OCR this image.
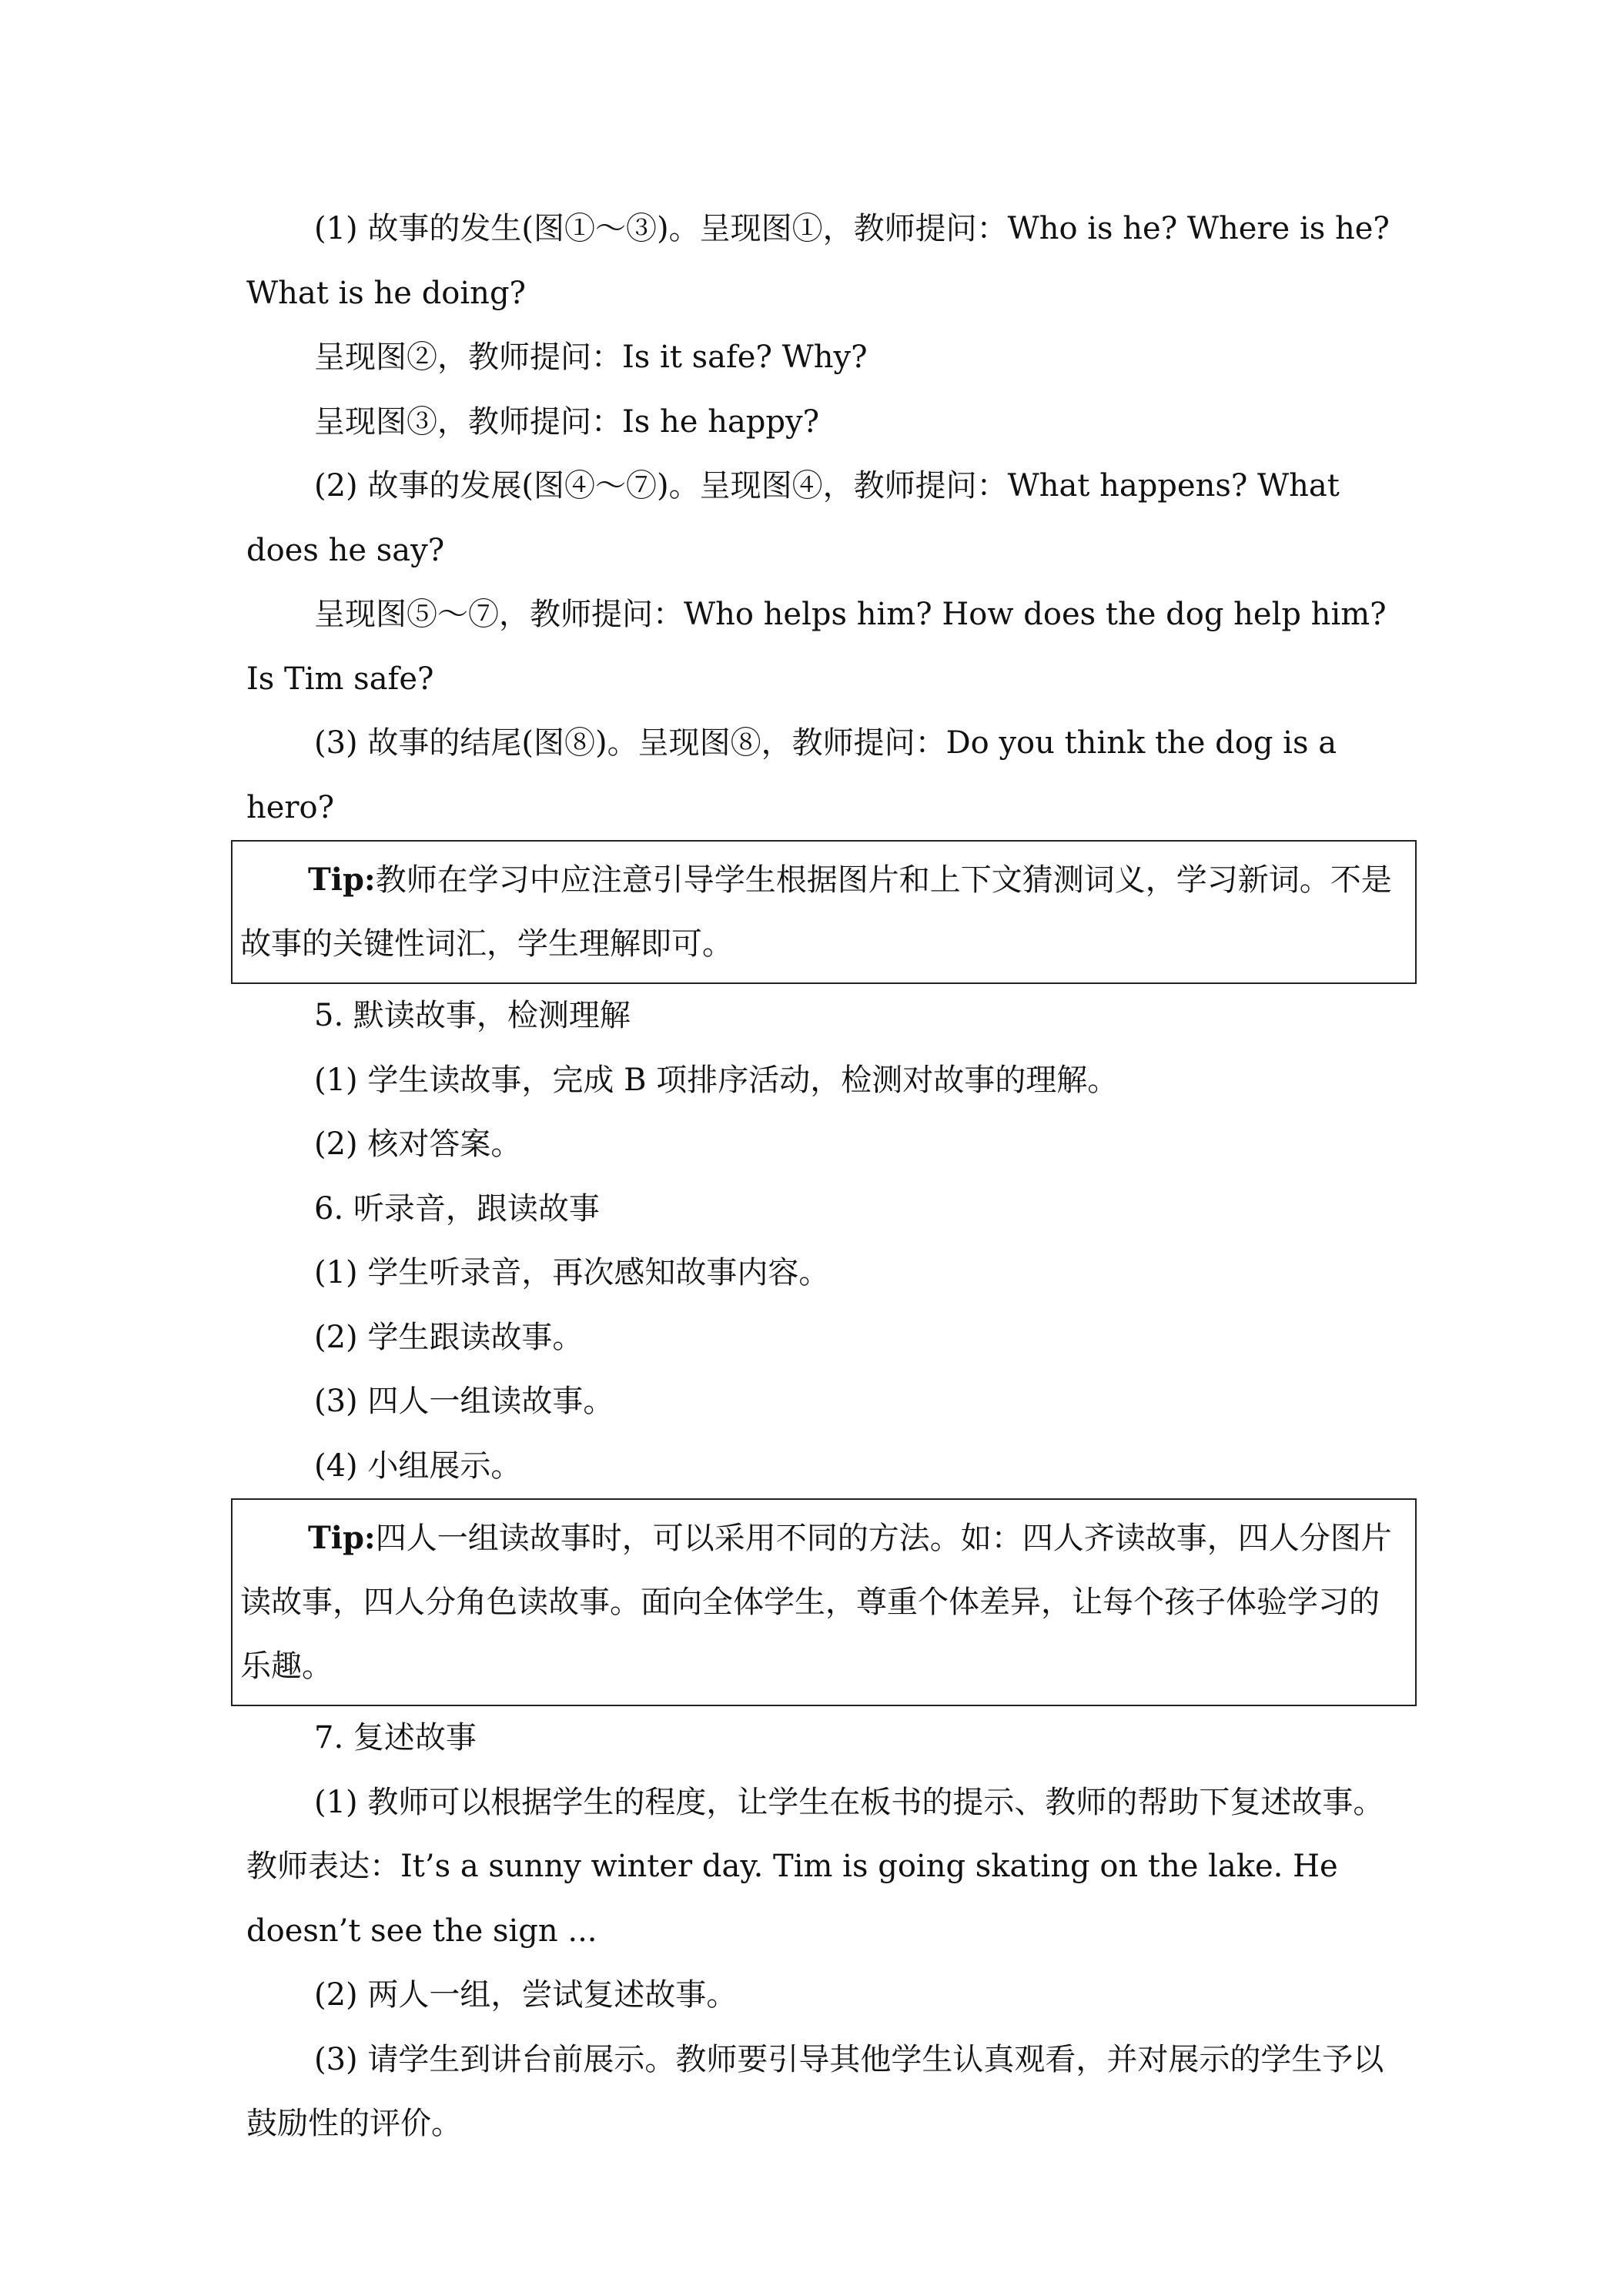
(1) 故事的发生(图①～③)。呈现图①，教师提问：Who is he? Where is he? What is he doing?

呈现图②，教师提问：Is it safe? Why?

呈现图③，教师提问：Is he happy?

(2) 故事的发展(图④～⑦)。呈现图④，教师提问：What happens? What does he say?

呈现图⑤～⑦，教师提问：Who helps him? How does the dog help him? Is Tim safe?

(3) 故事的结尾(图⑧)。呈现图⑧，教师提问：Do you think the dog is a hero?

Tip:教师在学习中应注意引导学生根据图片和上下文猜测词义，学习新词。不是故事的关键性词汇，学生理解即可。

5. 默读故事，检测理解

(1) 学生读故事，完成 B 项排序活动，检测对故事的理解。

(2) 核对答案。

6. 听录音，跟读故事

(1) 学生听录音，再次感知故事内容。

(2) 学生跟读故事。

(3) 四人一组读故事。

(4) 小组展示。

Tip:四人一组读故事时，可以采用不同的方法。如：四人齐读故事，四人分图片读故事，四人分角色读故事。面向全体学生，尊重个体差异，让每个孩子体验学习的乐趣。

7. 复述故事

(1) 教师可以根据学生的程度，让学生在板书的提示、教师的帮助下复述故事。教师表达：It’s a sunny winter day. Tim is going skating on the lake. He doesn’t see the sign ...

(2) 两人一组，尝试复述故事。

(3) 请学生到讲台前展示。教师要引导其他学生认真观看，并对展示的学生予以鼓励性的评价。
